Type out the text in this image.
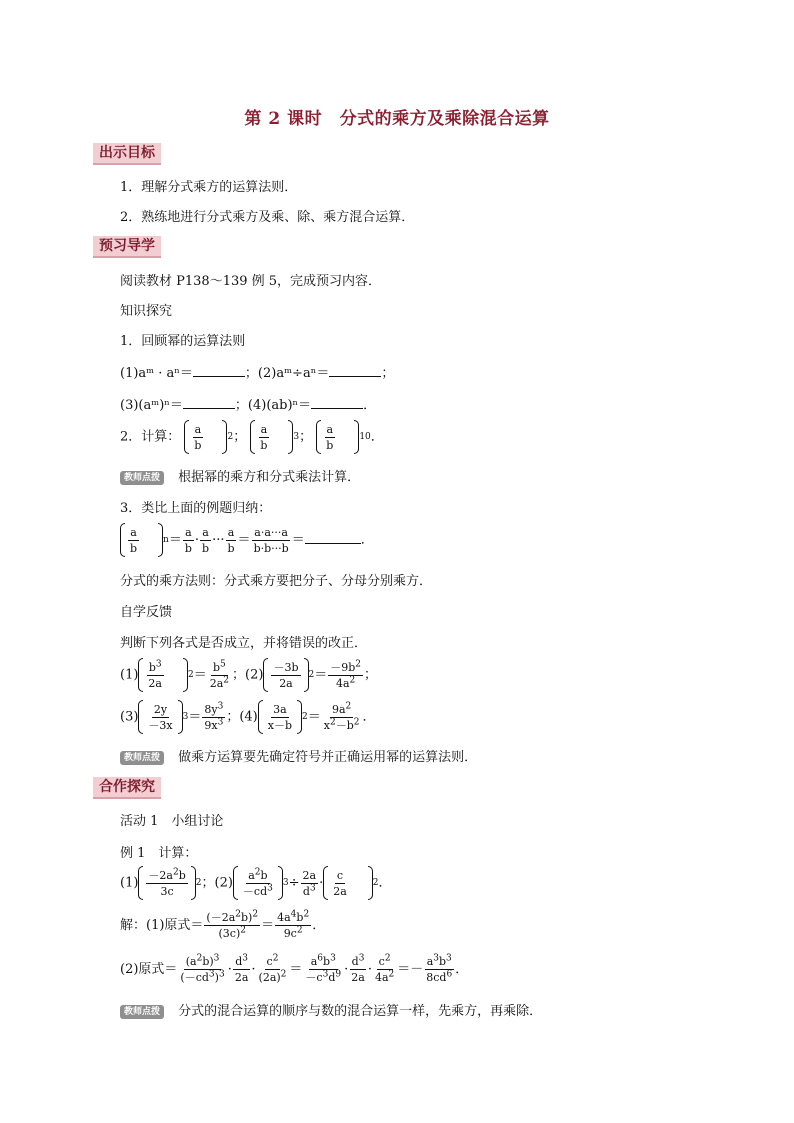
第 2 课时　分式的乘方及乘除混合运算
出示目标
1．理解分式乘方的运算法则．
2．熟练地进行分式乘方及乘、除、乘方混合运算．
预习导学
阅读教材 P138～139 例 5，完成预习内容．
知识探究
1．回顾幂的运算法则
(1)aᵐ · aⁿ＝	；(2)aᵐ÷aⁿ＝	；
(3)(aᵐ)ⁿ＝	；(4)(ab)ⁿ＝	．
2．计算： $\frac{a}{b}$	2 ； $\frac{a}{b}$	3 ； $\frac{a}{b}$	10 ．
教师点拨 根据幂的乘方和分式乘法计算．
3．类比上面的例题归纳：
$\frac{a}{b}$	$n = \frac{a}{b} \cdot \frac{a}{b}$ ··· $\frac{a}{b} = \frac{a\cdot a\cdot\cdot\cdot a}{b\cdot b\cdot\cdot\cdot b}$ ＝	．
分式的乘方法则：分式乘方要把分子、分母分别乘方．
自学反馈
判断下列各式是否成立，并将错误的改正．
$(1) \frac{b^3}{2a}$	$2 = \frac{b^5}{2a^2}$ ；$(2) \frac{-3b}{2a} 2 = \frac{-9b^2}{4a^2}$ ；
$(3) \frac{2y}{-3x} 3 = \frac{8y^3}{9x^3}$ ；$(4) \frac{3a}{x-b} 2 = \frac{9a^2}{x^2-b^2}$ ．
教师点拨 做乘方运算要先确定符号并正确运用幂的运算法则．
合作探究
活动 1　小组讨论
例 1　计算：
$(1) \frac{-2a^2b}{3c} 2$ ；$(2) \frac{a^2b}{-cd^3} 3 \div \frac{2a}{d^3} \cdot \frac{c}{2a}$	2 ．
解：(1)原式＝ $\frac{(-2a^2b)^2}{(3c)^2} = \frac{4a^4b^2}{9c^2}$ ．
(2)原式＝ $\frac{(a^2b)^3}{(-cd^3)^3} \cdot \frac{d^3}{2a} \cdot \frac{c^2}{(2a)^2} = \frac{a^6b^3}{-c^3d^9} \cdot \frac{d^3}{2a} \cdot \frac{c^2}{4a^2} =- \frac{a^3b^3}{8cd^6}$ ．
教师点拨 分式的混合运算的顺序与数的混合运算一样，先乘方，再乘除．
